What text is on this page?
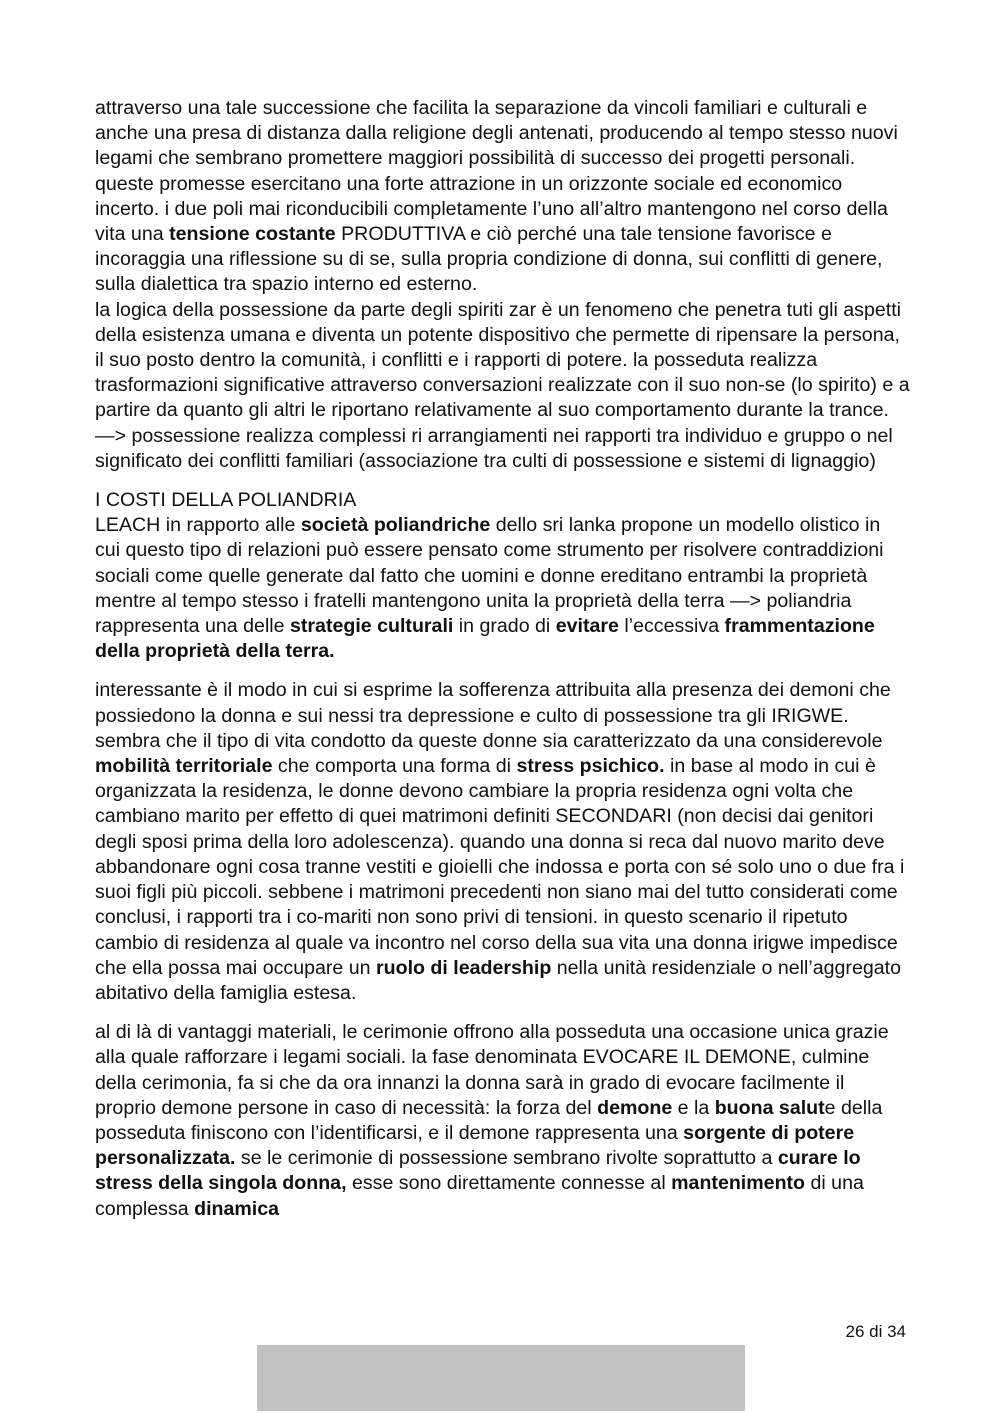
attraverso una tale successione che facilita la separazione da vincoli familiari e culturali e anche una presa di distanza dalla religione degli antenati, producendo al tempo stesso nuovi legami che sembrano promettere maggiori possibilità di successo dei progetti personali. queste promesse esercitano una forte attrazione in un orizzonte sociale ed economico incerto. i due poli mai riconducibili completamente l’uno all’altro mantengono nel corso della vita una tensione costante PRODUTTIVA e ciò perché una tale tensione favorisce e incoraggia una riflessione su di se, sulla propria condizione di donna, sui conflitti di genere, sulla dialettica tra spazio interno ed esterno.

la logica della possessione da parte degli spiriti zar è un fenomeno che penetra tuti gli aspetti della esistenza umana e diventa un potente dispositivo che permette di ripensare la persona, il suo posto dentro la comunità, i conflitti e i rapporti di potere. la posseduta realizza trasformazioni significative attraverso conversazioni realizzate con il suo non-se (lo spirito) e a partire da quanto gli altri le riportano relativamente al suo comportamento durante la trance. —> possessione realizza complessi ri arrangiamenti nei rapporti tra individuo e gruppo o nel significato dei conflitti familiari (associazione tra culti di possessione e sistemi di lignaggio)

I COSTI DELLA POLIANDRIA

LEACH in rapporto alle società poliandriche dello sri lanka propone un modello olistico in cui questo tipo di relazioni può essere pensato come strumento per risolvere contraddizioni sociali come quelle generate dal fatto che uomini e donne ereditano entrambi la proprietà mentre al tempo stesso i fratelli mantengono unita la proprietà della terra —> poliandria rappresenta una delle strategie culturali in grado di evitare l’eccessiva frammentazione della proprietà della terra.

interessante è il modo in cui si esprime la sofferenza attribuita alla presenza dei demoni che possiedono la donna e sui nessi tra depressione e culto di possessione tra gli IRIGWE. sembra che il tipo di vita condotto da queste donne sia caratterizzato da una considerevole mobilità territoriale che comporta una forma di stress psichico. in base al modo in cui è organizzata la residenza, le donne devono cambiare la propria residenza ogni volta che cambiano marito per effetto di quei matrimoni definiti SECONDARI (non decisi dai genitori degli sposi prima della loro adolescenza). quando una donna si reca dal nuovo marito deve abbandonare ogni cosa tranne vestiti e gioielli che indossa e porta con sé solo uno o due fra i suoi figli più piccoli. sebbene i matrimoni precedenti non siano mai del tutto considerati come conclusi, i rapporti tra i co-mariti non sono privi di tensioni. in questo scenario il ripetuto cambio di residenza al quale va incontro nel corso della sua vita una donna irigwe impedisce che ella possa mai occupare un ruolo di leadership nella unità residenziale o nell’aggregato abitativo della famiglia estesa.

al di là di vantaggi materiali, le cerimonie offrono alla posseduta una occasione unica grazie alla quale rafforzare i legami sociali. la fase denominata EVOCARE IL DEMONE, culmine della cerimonia, fa si che da ora innanzi la donna sarà in grado di evocare facilmente il proprio demone persone in caso di necessità: la forza del demone e la buona salute della posseduta finiscono con l’identificarsi, e il demone rappresenta una sorgente di potere personalizzata. se le cerimonie di possessione sembrano rivolte soprattutto a curare lo stress della singola donna, esse sono direttamente connesse al mantenimento di una complessa dinamica

26 di 34
